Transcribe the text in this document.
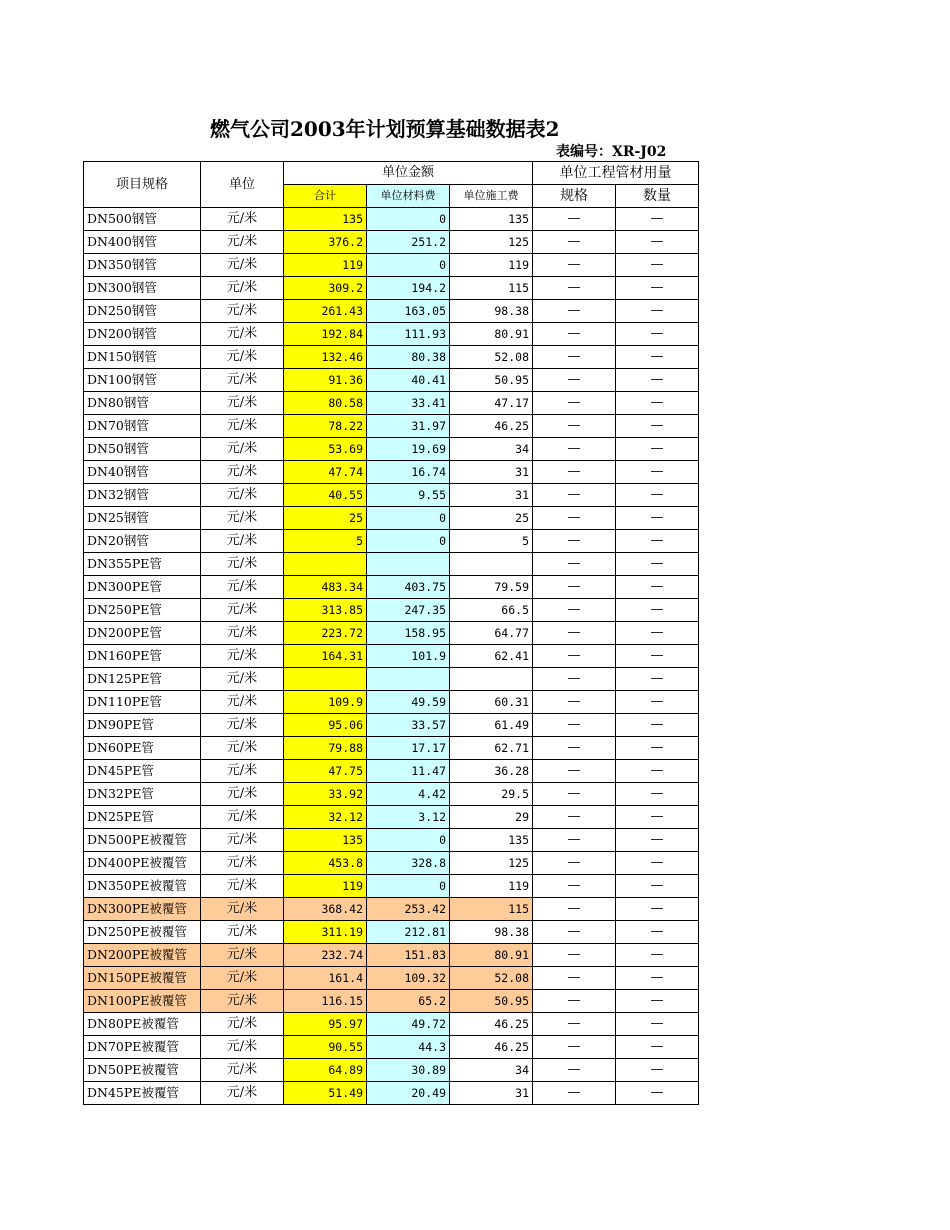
燃气公司2003年计划预算基础数据表2
表编号：XR-J02
项目规格	单位	单位金额			单位工程管材用量	
		合计	单位材料费	单位施工费	规格	数量
DN500钢管	元/米	135	0	135	—	—
DN400钢管	元/米	376.2	251.2	125	—	—
DN350钢管	元/米	119	0	119	—	—
DN300钢管	元/米	309.2	194.2	115	—	—
DN250钢管	元/米	261.43	163.05	98.38	—	—
DN200钢管	元/米	192.84	111.93	80.91	—	—
DN150钢管	元/米	132.46	80.38	52.08	—	—
DN100钢管	元/米	91.36	40.41	50.95	—	—
DN80钢管	元/米	80.58	33.41	47.17	—	—
DN70钢管	元/米	78.22	31.97	46.25	—	—
DN50钢管	元/米	53.69	19.69	34	—	—
DN40钢管	元/米	47.74	16.74	31	—	—
DN32钢管	元/米	40.55	9.55	31	—	—
DN25钢管	元/米	25	0	25	—	—
DN20钢管	元/米	5	0	5	—	—
DN355PE管	元/米				—	—
DN300PE管	元/米	483.34	403.75	79.59	—	—
DN250PE管	元/米	313.85	247.35	66.5	—	—
DN200PE管	元/米	223.72	158.95	64.77	—	—
DN160PE管	元/米	164.31	101.9	62.41	—	—
DN125PE管	元/米				—	—
DN110PE管	元/米	109.9	49.59	60.31	—	—
DN90PE管	元/米	95.06	33.57	61.49	—	—
DN60PE管	元/米	79.88	17.17	62.71	—	—
DN45PE管	元/米	47.75	11.47	36.28	—	—
DN32PE管	元/米	33.92	4.42	29.5	—	—
DN25PE管	元/米	32.12	3.12	29	—	—
DN500PE被覆管	元/米	135	0	135	—	—
DN400PE被覆管	元/米	453.8	328.8	125	—	—
DN350PE被覆管	元/米	119	0	119	—	—
DN300PE被覆管	元/米	368.42	253.42	115	—	—
DN250PE被覆管	元/米	311.19	212.81	98.38	—	—
DN200PE被覆管	元/米	232.74	151.83	80.91	—	—
DN150PE被覆管	元/米	161.4	109.32	52.08	—	—
DN100PE被覆管	元/米	116.15	65.2	50.95	—	—
DN80PE被覆管	元/米	95.97	49.72	46.25	—	—
DN70PE被覆管	元/米	90.55	44.3	46.25	—	—
DN50PE被覆管	元/米	64.89	30.89	34	—	—
DN45PE被覆管	元/米	51.49	20.49	31	—	—
